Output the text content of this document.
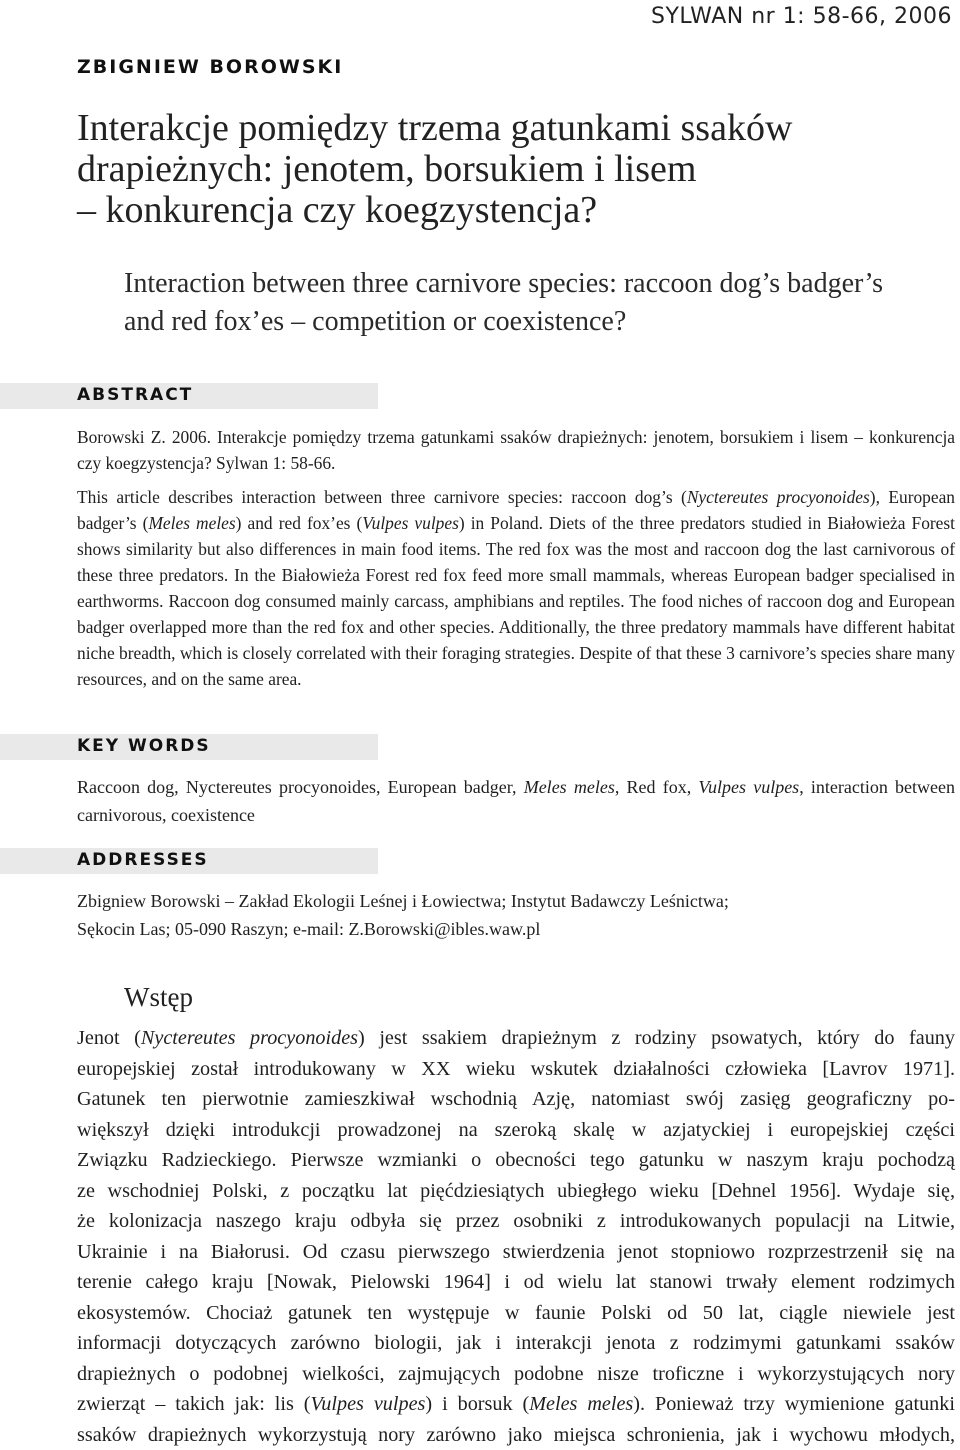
SYLWAN nr 1: 58-66, 2006
ZBIGNIEW BOROWSKI
Interakcje pomiędzy trzema gatunkami ssaków
drapieżnych: jenotem, borsukiem i lisem
– konkurencja czy koegzystencja?
Interaction between three carnivore species: raccoon dog’s badger’s
and red fox’es – competition or coexistence?
ABSTRACT

Borowski Z. 2006. Interakcje pomiędzy trzema gatunkami ssaków drapieżnych: jenotem, borsukiem i lisem – konkurencja czy koegzystencja? Sylwan 1: 58-66.

This article describes interaction between three carnivore species: raccoon dog’s (Nyctereutes procyonoides), European badger’s (Meles meles) and red fox’es (Vulpes vulpes) in Poland. Diets of the three predators studied in Białowieża Forest shows similarity but also differences in main food items. The red fox was the most and raccoon dog the last carnivorous of these three predators. In the Białowieża Forest red fox feed more small mammals, whereas European badger specialised in earthworms. Raccoon dog consumed mainly carcass, amphibians and reptiles. The food niches of raccoon dog and European badger overlapped more than the red fox and other species. Additionally, the three predatory mammals have different habitat niche breadth, which is closely correlated with their foraging strategies. Despite of that these 3 carnivore’s species share many resources, and on the same area.

KEY WORDS

Raccoon dog, Nyctereutes procyonoides, European badger, Meles meles, Red fox, Vulpes vulpes, interaction between carnivorous, coexistence

ADDRESSES
Zbigniew Borowski – Zakład Ekologii Leśnej i Łowiectwa; Instytut Badawczy Leśnictwa;
Sękocin Las; 05-090 Raszyn; e-mail: Z.Borowski@ibles.waw.pl
Wstęp
Jenot (Nyctereutes procyonoides) jest ssakiem drapieżnym z rodziny psowatych, który do fauny
europejskiej został introdukowany w XX wieku wskutek działalności człowieka [Lavrov 1971].
Gatunek ten pierwotnie zamieszkiwał wschodnią Azję, natomiast swój zasięg geograficzny po-
większył dzięki introdukcji prowadzonej na szeroką skalę w azjatyckiej i europejskiej części
Związku Radzieckiego. Pierwsze wzmianki o obecności tego gatunku w naszym kraju pochodzą
ze wschodniej Polski, z początku lat pięćdziesiątych ubiegłego wieku [Dehnel 1956]. Wydaje się,
że kolonizacja naszego kraju odbyła się przez osobniki z introdukowanych populacji na Litwie,
Ukrainie i na Białorusi. Od czasu pierwszego stwierdzenia jenot stopniowo rozprzestrzenił się na
terenie całego kraju [Nowak, Pielowski 1964] i od wielu lat stanowi trwały element rodzimych
ekosystemów. Chociaż gatunek ten występuje w faunie Polski od 50 lat, ciągle niewiele jest
informacji dotyczących zarówno biologii, jak i interakcji jenota z rodzimymi gatunkami ssaków
drapieżnych o podobnej wielkości, zajmujących podobne nisze troficzne i wykorzystujących nory
zwierząt – takich jak: lis (Vulpes vulpes) i borsuk (Meles meles). Ponieważ trzy wymienione gatunki
ssaków drapieżnych wykorzystują nory zarówno jako miejsca schronienia, jak i wychowu młodych,
